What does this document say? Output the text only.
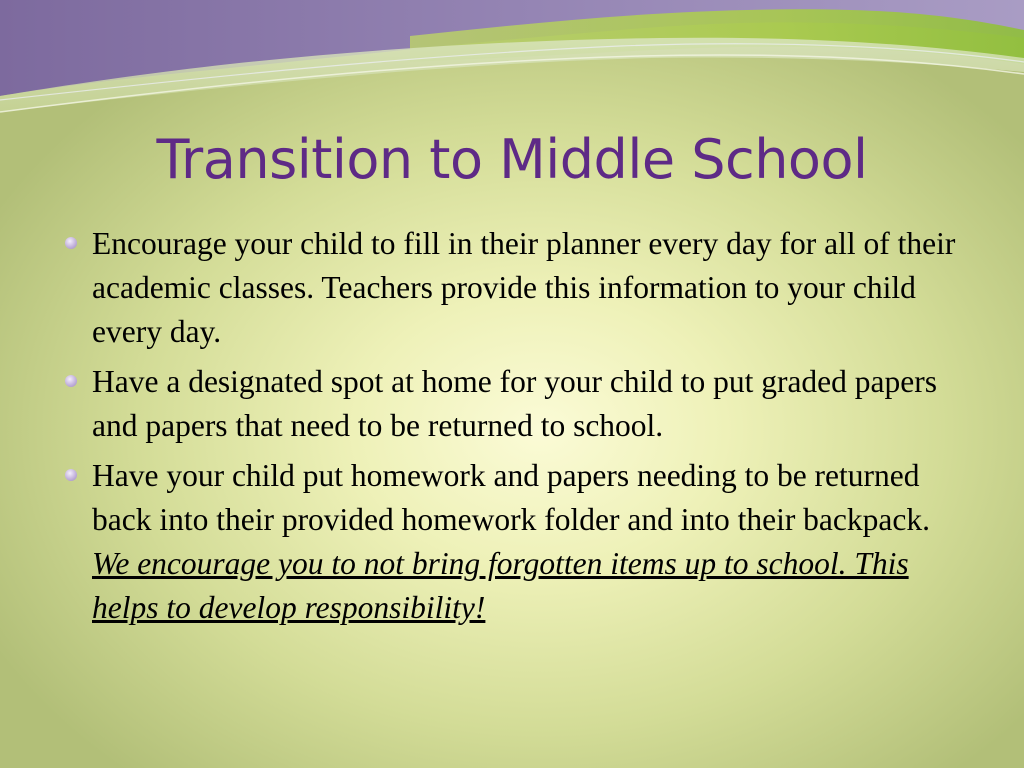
Transition to Middle School
Encourage your child to fill in their planner every day for all of their academic classes. Teachers provide this information to your child every day.
Have a designated spot at home for your child to put graded papers and papers that need to be returned to school.
Have your child put homework and papers needing to be returned back into their provided homework folder and into their backpack.  We encourage you to not bring forgotten items up to school. This helps to develop responsibility!
